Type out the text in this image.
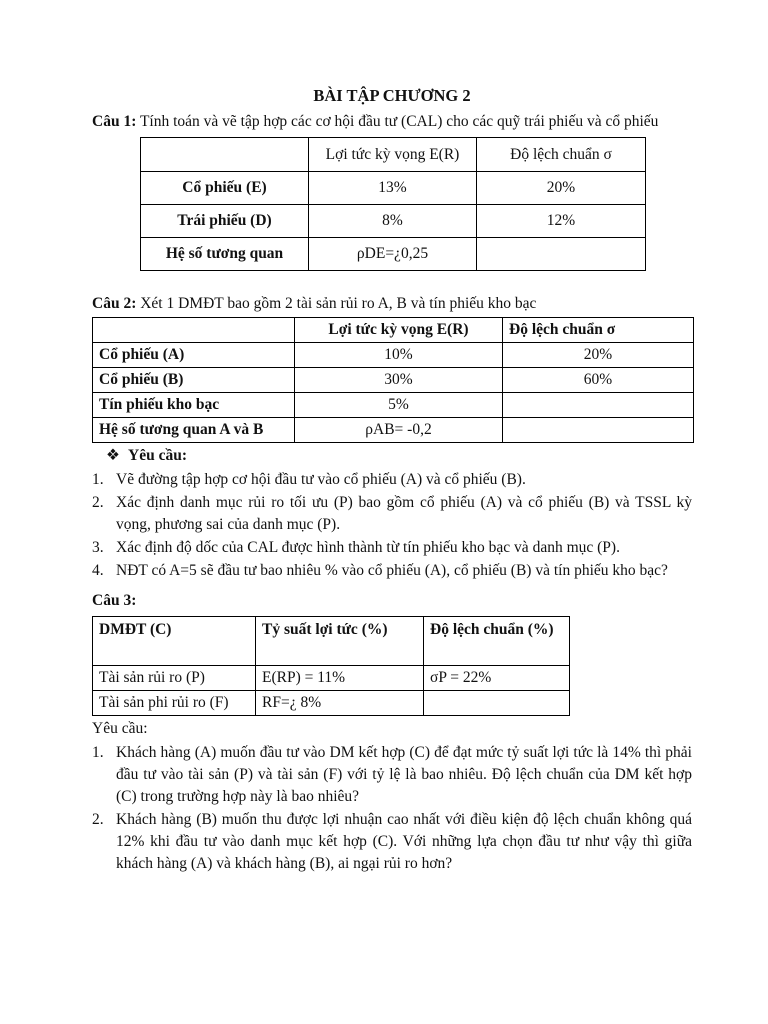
BÀI TẬP CHƯƠNG 2

Câu 1: Tính toán và vẽ tập hợp các cơ hội đầu tư (CAL) cho các quỹ trái phiếu và cổ phiếu

	Lợi tức kỳ vọng E(R)	Độ lệch chuẩn σ
Cổ phiếu (E)	13%	20%
Trái phiếu (D)	8%	12%
Hệ số tương quan	ρDE=¿0,25	

Câu 2: Xét 1 DMĐT bao gồm 2 tài sản rủi ro A, B và tín phiếu kho bạc

	Lợi tức kỳ vọng E(R)	Độ lệch chuẩn σ
Cổ phiếu (A)	10%	20%
Cổ phiếu (B)	30%	60%
Tín phiếu kho bạc	5%	
Hệ số tương quan A và B	ρAB= -0,2	
❖ Yêu cầu:
1. Vẽ đường tập hợp cơ hội đầu tư vào cổ phiếu (A) và cổ phiếu (B).
2. Xác định danh mục rủi ro tối ưu (P) bao gồm cổ phiếu (A) và cổ phiếu (B) và TSSL kỳ vọng, phương sai của danh mục (P).
3. Xác định độ dốc của CAL được hình thành từ tín phiếu kho bạc và danh mục (P).
4. NĐT có A=5 sẽ đầu tư bao nhiêu % vào cổ phiếu (A), cổ phiếu (B) và tín phiếu kho bạc?
Câu 3:
DMĐT (C)	Tỷ suất lợi tức (%)	Độ lệch chuẩn (%)
Tài sản rủi ro (P)	E(RP) = 11%	σP = 22%
Tài sản phi rủi ro (F)	RF=¿ 8%	

Yêu cầu:

1. Khách hàng (A) muốn đầu tư vào DM kết hợp (C) để đạt mức tỷ suất lợi tức là 14% thì phải đầu tư vào tài sản (P) và tài sản (F) với tỷ lệ là bao nhiêu. Độ lệch chuẩn của DM kết hợp (C) trong trường hợp này là bao nhiêu?
2. Khách hàng (B) muốn thu được lợi nhuận cao nhất với điều kiện độ lệch chuẩn không quá 12% khi đầu tư vào danh mục kết hợp (C). Với những lựa chọn đầu tư như vậy thì giữa khách hàng (A) và khách hàng (B), ai ngại rủi ro hơn?
